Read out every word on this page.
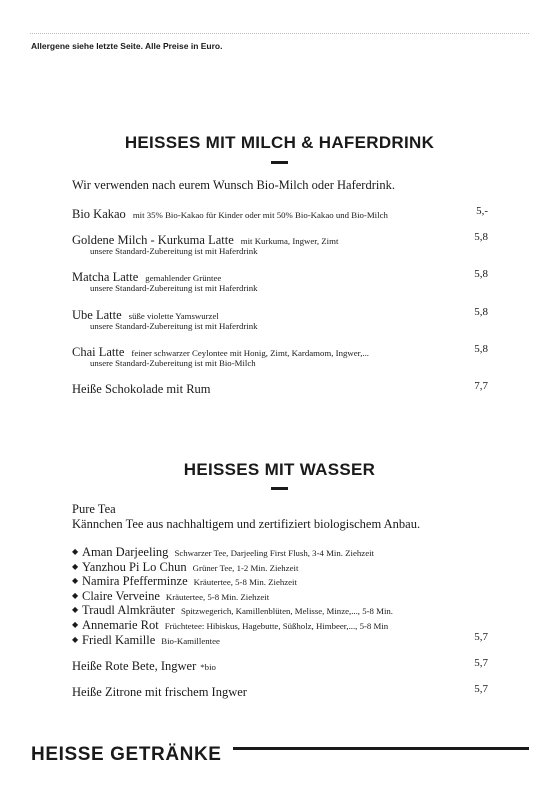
Allergene siehe letzte Seite. Alle Preise in Euro.
HEISSES MIT MILCH & HAFERDRINK
Wir verwenden nach eurem Wunsch Bio-Milch oder Haferdrink.
Bio Kakao mit 35% Bio-Kakao für Kinder oder mit 50% Bio-Kakao und Bio-Milch	5,-
Goldene Milch - Kurkuma Latte mit Kurkuma, Ingwer, Zimt	5,8
unsere Standard-Zubereitung ist mit Haferdrink
Matcha Latte gemahlender Grüntee	5,8
unsere Standard-Zubereitung ist mit Haferdrink
Ube Latte süße violette Yamswurzel	5,8
unsere Standard-Zubereitung ist mit Haferdrink
Chai Latte feiner schwarzer Ceylontee mit Honig, Zimt, Kardamom, Ingwer,...	5,8
unsere Standard-Zubereitung ist mit Bio-Milch
Heiße Schokolade mit Rum	7,7
HEISSES MIT WASSER
Pure Tea
Kännchen Tee aus nachhaltigem und zertifiziert biologischem Anbau.
◆ Aman Darjeeling Schwarzer Tee, Darjeeling First Flush, 3-4 Min. Ziehzeit
◆ Yanzhou Pi Lo Chun Grüner Tee, 1-2 Min. Ziehzeit
◆ Namira Pfefferminze Kräutertee, 5-8 Min. Ziehzeit
◆ Claire Verveine Kräutertee, 5-8 Min. Ziehzeit
◆ Traudl Almkräuter Spitzwegerich, Kamillenblüten, Melisse, Minze,..., 5-8 Min.
◆ Annemarie Rot Früchtetee: Hibiskus, Hagebutte, Süßholz, Himbeer,..., 5-8 Min
◆ Friedl Kamille Bio-Kamillentee	5,7
Heiße Rote Bete, Ingwer *bio	5,7
Heiße Zitrone mit frischem Ingwer	5,7
HEISSE GETRÄNKE
